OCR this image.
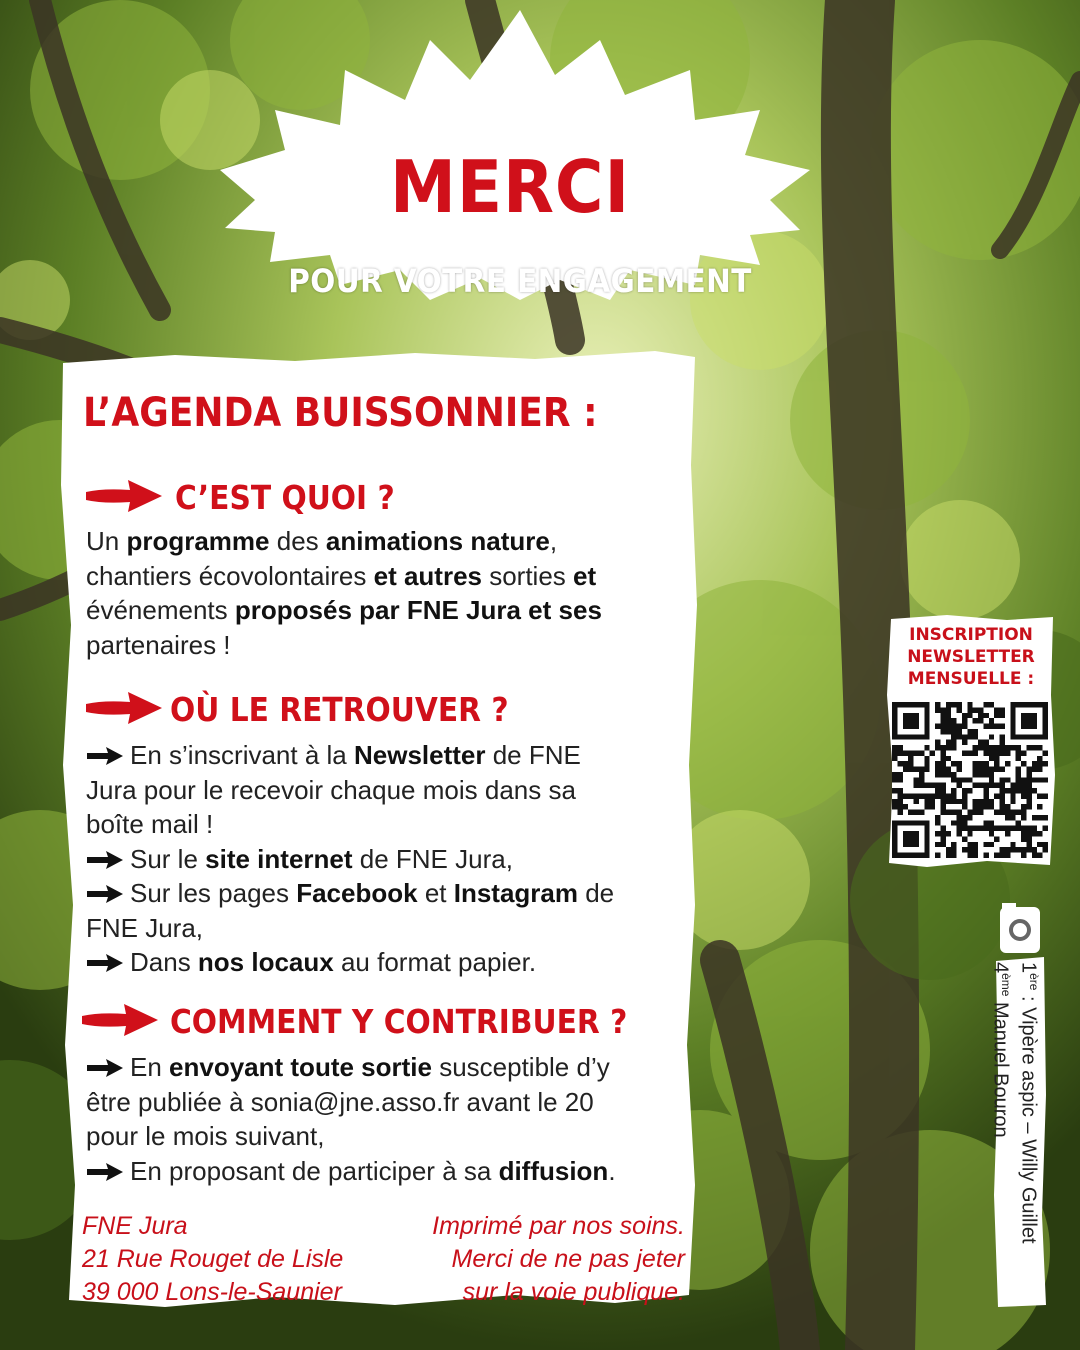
MERCI
POUR VOTRE ENGAGEMENT
L’AGENDA BUISSONNIER :
C’EST QUOI ?
Un programme des animations nature,
chantiers écovolontaires et autres sorties et
événements proposés par FNE Jura et ses
partenaires !
OÙ LE RETROUVER ?
En s’inscrivant à la Newsletter de FNE
Jura pour le recevoir chaque mois dans sa
boîte mail !
Sur le site internet de FNE Jura,
Sur les pages Facebook et Instagram de
FNE Jura,
Dans nos locaux au format papier.
COMMENT Y CONTRIBUER ?
En envoyant toute sortie susceptible d’y
être publiée à sonia@jne.asso.fr avant le 20
pour le mois suivant,
En proposant de participer à sa diffusion.
FNE Jura
21 Rue Rouget de Lisle
39 000 Lons-le-Saunier
Imprimé par nos soins.
Merci de ne pas jeter
sur la voie publique.
INSCRIPTION
NEWSLETTER
MENSUELLE :
1ère : Vipère aspic – Willy Guillet
4ème Manuel Bouron
